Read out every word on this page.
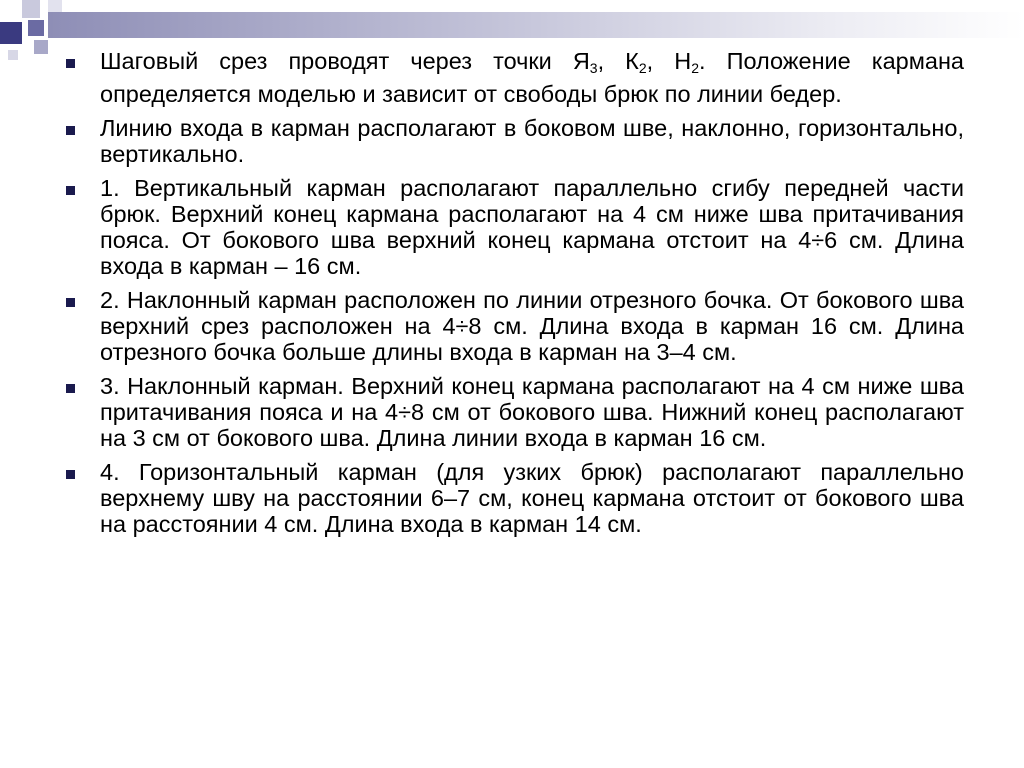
Шаговый срез проводят через точки $Я_3$, $К_2$, $Н_2$. Положение кармана определяется моделью и зависит от свободы брюк по линии бедер.
Линию входа в карман располагают в боковом шве, наклонно, горизонтально, вертикально.
1. Вертикальный карман располагают параллельно сгибу передней части брюк. Верхний конец кармана располагают на 4 см ниже шва притачивания пояса. От бокового шва верхний конец кармана отстоит на 4÷6 см. Длина входа в карман – 16 см.
2. Наклонный карман расположен по линии отрезного бочка. От бокового шва верхний срез расположен на 4÷8 см. Длина входа в карман 16 см. Длина отрезного бочка больше длины входа в карман на 3–4 см.
3. Наклонный карман. Верхний конец кармана располагают на 4 см ниже шва притачивания пояса и на 4÷8 см от бокового шва. Нижний конец располагают на 3 см от бокового шва. Длина линии входа в карман 16 см.
4. Горизонтальный карман (для узких брюк) располагают параллельно верхнему шву на расстоянии 6–7 см, конец кармана отстоит от бокового шва на расстоянии 4 см. Длина входа в карман 14 см.
